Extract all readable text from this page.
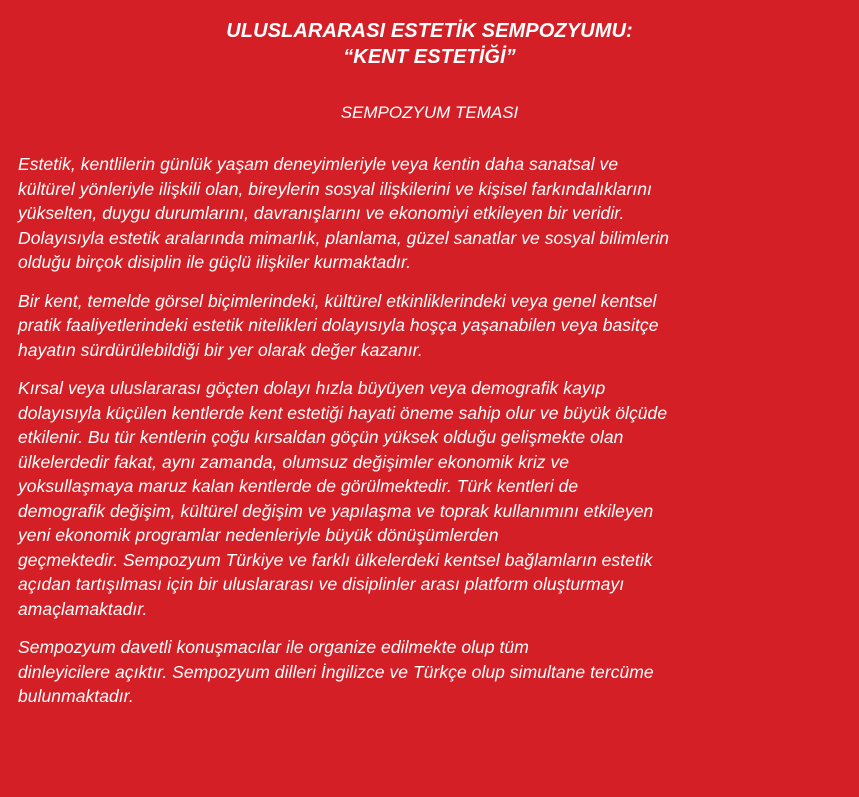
ULUSLARARASI ESTETİK SEMPOZYUMU:
“KENT ESTETİĞİ”
SEMPOZYUM TEMASI

Estetik, kentlilerin günlük yaşam deneyimleriyle veya kentin daha sanatsal ve
kültürel yönleriyle ilişkili olan, bireylerin sosyal ilişkilerini ve kişisel farkındalıklarını
yükselten, duygu durumlarını, davranışlarını ve ekonomiyi etkileyen bir veridir.
Dolayısıyla estetik aralarında mimarlık, planlama, güzel sanatlar ve sosyal bilimlerin
olduğu birçok disiplin ile güçlü ilişkiler kurmaktadır.

Bir kent, temelde görsel biçimlerindeki, kültürel etkinliklerindeki veya genel kentsel
pratik faaliyetlerindeki estetik nitelikleri dolayısıyla hoşça yaşanabilen veya basitçe
hayatın sürdürülebildiği bir yer olarak değer kazanır.

Kırsal veya uluslararası göçten dolayı hızla büyüyen veya demografik kayıp
dolayısıyla küçülen kentlerde kent estetiği hayati öneme sahip olur ve büyük ölçüde
etkilenir. Bu tür kentlerin çoğu kırsaldan göçün yüksek olduğu gelişmekte olan
ülkelerdedir fakat, aynı zamanda, olumsuz değişimler ekonomik kriz ve
yoksullaşmaya maruz kalan kentlerde de görülmektedir. Türk kentleri de
demografik değişim, kültürel değişim ve yapılaşma ve toprak kullanımını etkileyen
yeni ekonomik programlar nedenleriyle büyük dönüşümlerden
geçmektedir. Sempozyum Türkiye ve farklı ülkelerdeki kentsel bağlamların estetik
açıdan tartışılması için bir uluslararası ve disiplinler arası platform oluşturmayı
amaçlamaktadır.

Sempozyum davetli konuşmacılar ile organize edilmekte olup tüm
dinleyicilere açıktır. Sempozyum dilleri İngilizce ve Türkçe olup simultane tercüme
bulunmaktadır.
